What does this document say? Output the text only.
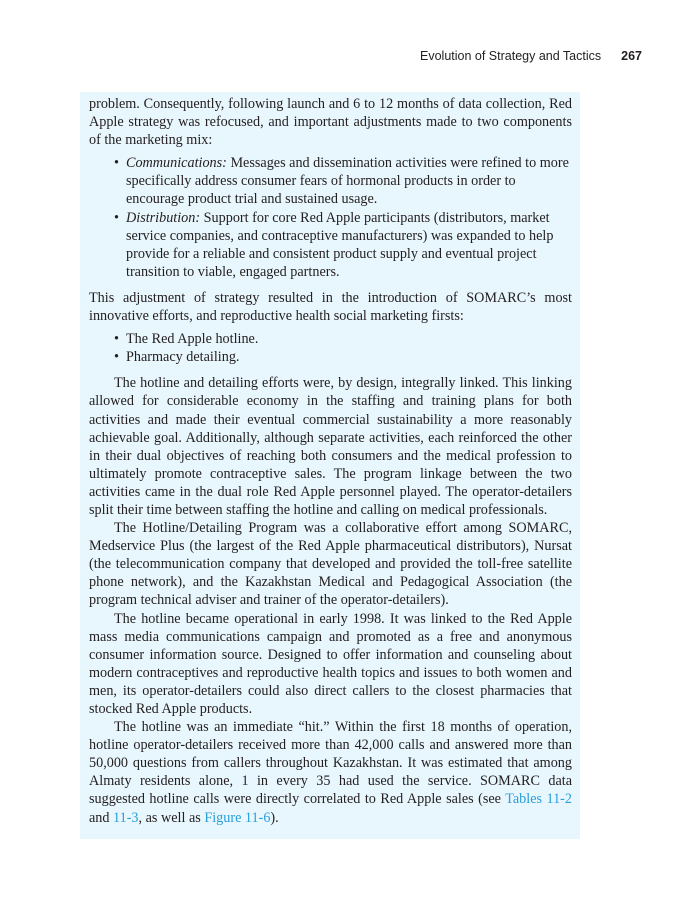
Evolution of Strategy and Tactics 267

problem. Consequently, following launch and 6 to 12 months of data collection, Red Apple strategy was refocused, and important adjustments made to two components of the marketing mix:

• Communications: Messages and dissemination activities were refined to more specifically address consumer fears of hormonal products in order to encourage product trial and sustained usage.
• Distribution: Support for core Red Apple participants (distributors, market service companies, and contraceptive manufacturers) was expanded to help provide for a reliable and consistent product supply and eventual project transition to viable, engaged partners.

This adjustment of strategy resulted in the introduction of SOMARC’s most innovative efforts, and reproductive health social marketing firsts:

• The Red Apple hotline.
• Pharmacy detailing.

The hotline and detailing efforts were, by design, integrally linked. This linking allowed for considerable economy in the staffing and training plans for both activities and made their eventual commercial sustainability a more reasonably achievable goal. Additionally, although separate activities, each reinforced the other in their dual objectives of reaching both consumers and the medical profession to ultimately promote contraceptive sales. The program linkage between the two activities came in the dual role Red Apple personnel played. The operator-detailers split their time between staffing the hotline and calling on medical professionals.

The Hotline/Detailing Program was a collaborative effort among SOMARC, Medservice Plus (the largest of the Red Apple pharmaceutical distributors), Nursat (the telecommunication company that developed and provided the toll-free satellite phone network), and the Kazakhstan Medical and Pedagogical Association (the program technical adviser and trainer of the operator-detailers).

The hotline became operational in early 1998. It was linked to the Red Apple mass media communications campaign and promoted as a free and anonymous consumer information source. Designed to offer information and counseling about modern contraceptives and reproductive health topics and issues to both women and men, its operator-detailers could also direct callers to the closest pharmacies that stocked Red Apple products.

The hotline was an immediate “hit.” Within the first 18 months of operation, hotline operator-detailers received more than 42,000 calls and answered more than 50,000 questions from callers throughout Kazakhstan. It was estimated that among Almaty residents alone, 1 in every 35 had used the service. SOMARC data suggested hotline calls were directly correlated to Red Apple sales (see Tables 11-2 and 11-3, as well as Figure 11-6).
